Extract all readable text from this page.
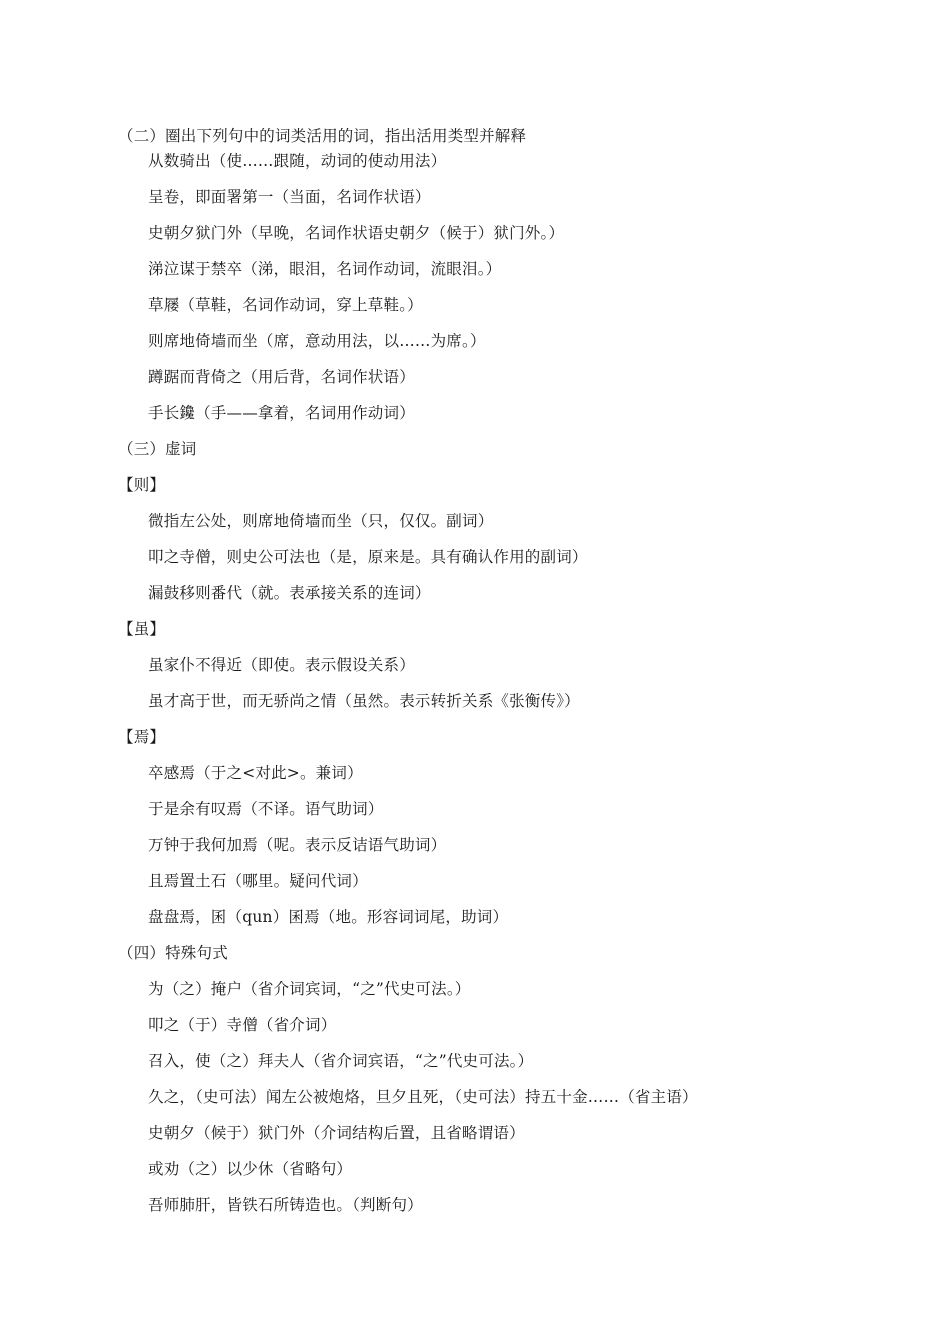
（二）圈出下列句中的词类活用的词，指出活用类型并解释
从数骑出（使……跟随，动词的使动用法）
呈卷，即面署第一（当面，名词作状语）
史朝夕狱门外（早晚，名词作状语史朝夕（候于）狱门外。）
涕泣谋于禁卒（涕，眼泪，名词作动词，流眼泪。）
草屦（草鞋，名词作动词，穿上草鞋。）
则席地倚墙而坐（席，意动用法，以……为席。）
蹲踞而背倚之（用后背，名词作状语）
手长鑱（手——拿着，名词用作动词）
（三）虚词
【则】
微指左公处，则席地倚墙而坐（只，仅仅。副词）
叩之寺僧，则史公可法也（是，原来是。具有确认作用的副词）
漏鼓移则番代（就。表承接关系的连词）
【虽】
虽家仆不得近（即使。表示假设关系）
虽才高于世，而无骄尚之情（虽然。表示转折关系《张衡传》）
【焉】
卒感焉（于之<对此>。兼词）
于是余有叹焉（不译。语气助词）
万钟于我何加焉（呢。表示反诘语气助词）
且焉置土石（哪里。疑问代词）
盘盘焉，囷（qun）囷焉（地。形容词词尾，助词）
（四）特殊句式
为（之）掩户（省介词宾词，“之”代史可法。）
叩之（于）寺僧（省介词）
召入，使（之）拜夫人（省介词宾语，“之”代史可法。）
久之，（史可法）闻左公被炮烙，旦夕且死，（史可法）持五十金……（省主语）
史朝夕（候于）狱门外（介词结构后置，且省略谓语）
或劝（之）以少休（省略句）
吾师肺肝，皆铁石所铸造也。（判断句）
